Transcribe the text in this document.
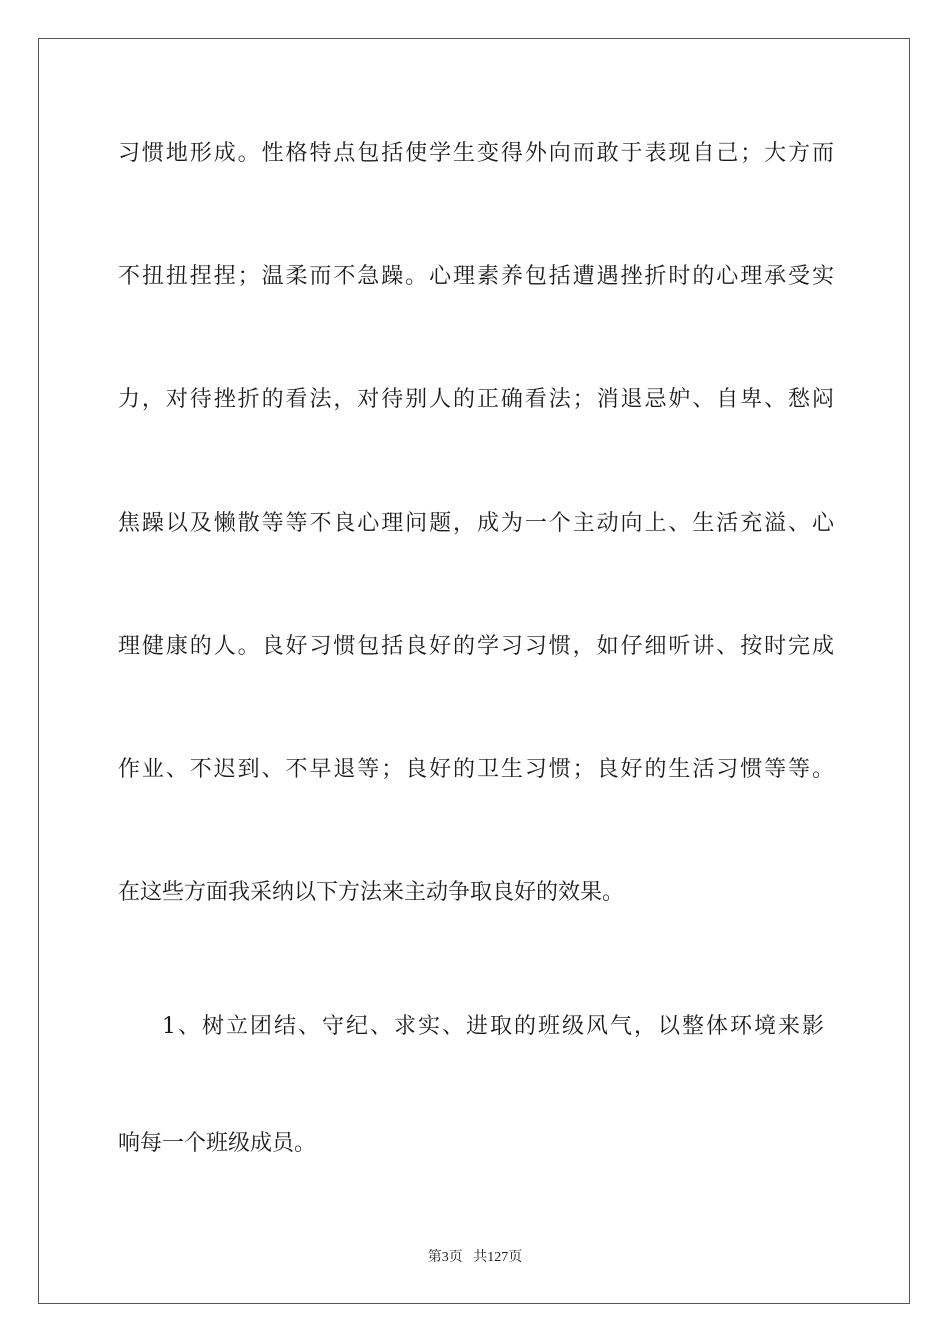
习惯地形成。性格特点包括使学生变得外向而敢于表现自己；大方而
不扭扭捏捏；温柔而不急躁。心理素养包括遭遇挫折时的心理承受实
力，对待挫折的看法，对待别人的正确看法；消退忌妒、自卑、愁闷
焦躁以及懒散等等不良心理问题，成为一个主动向上、生活充溢、心
理健康的人。良好习惯包括良好的学习习惯，如仔细听讲、按时完成
作业、不迟到、不早退等；良好的卫生习惯；良好的生活习惯等等。
在这些方面我采纳以下方法来主动争取良好的效果。
1、树立团结、守纪、求实、进取的班级风气，以整体环境来影
响每一个班级成员。
第3页 共127页
